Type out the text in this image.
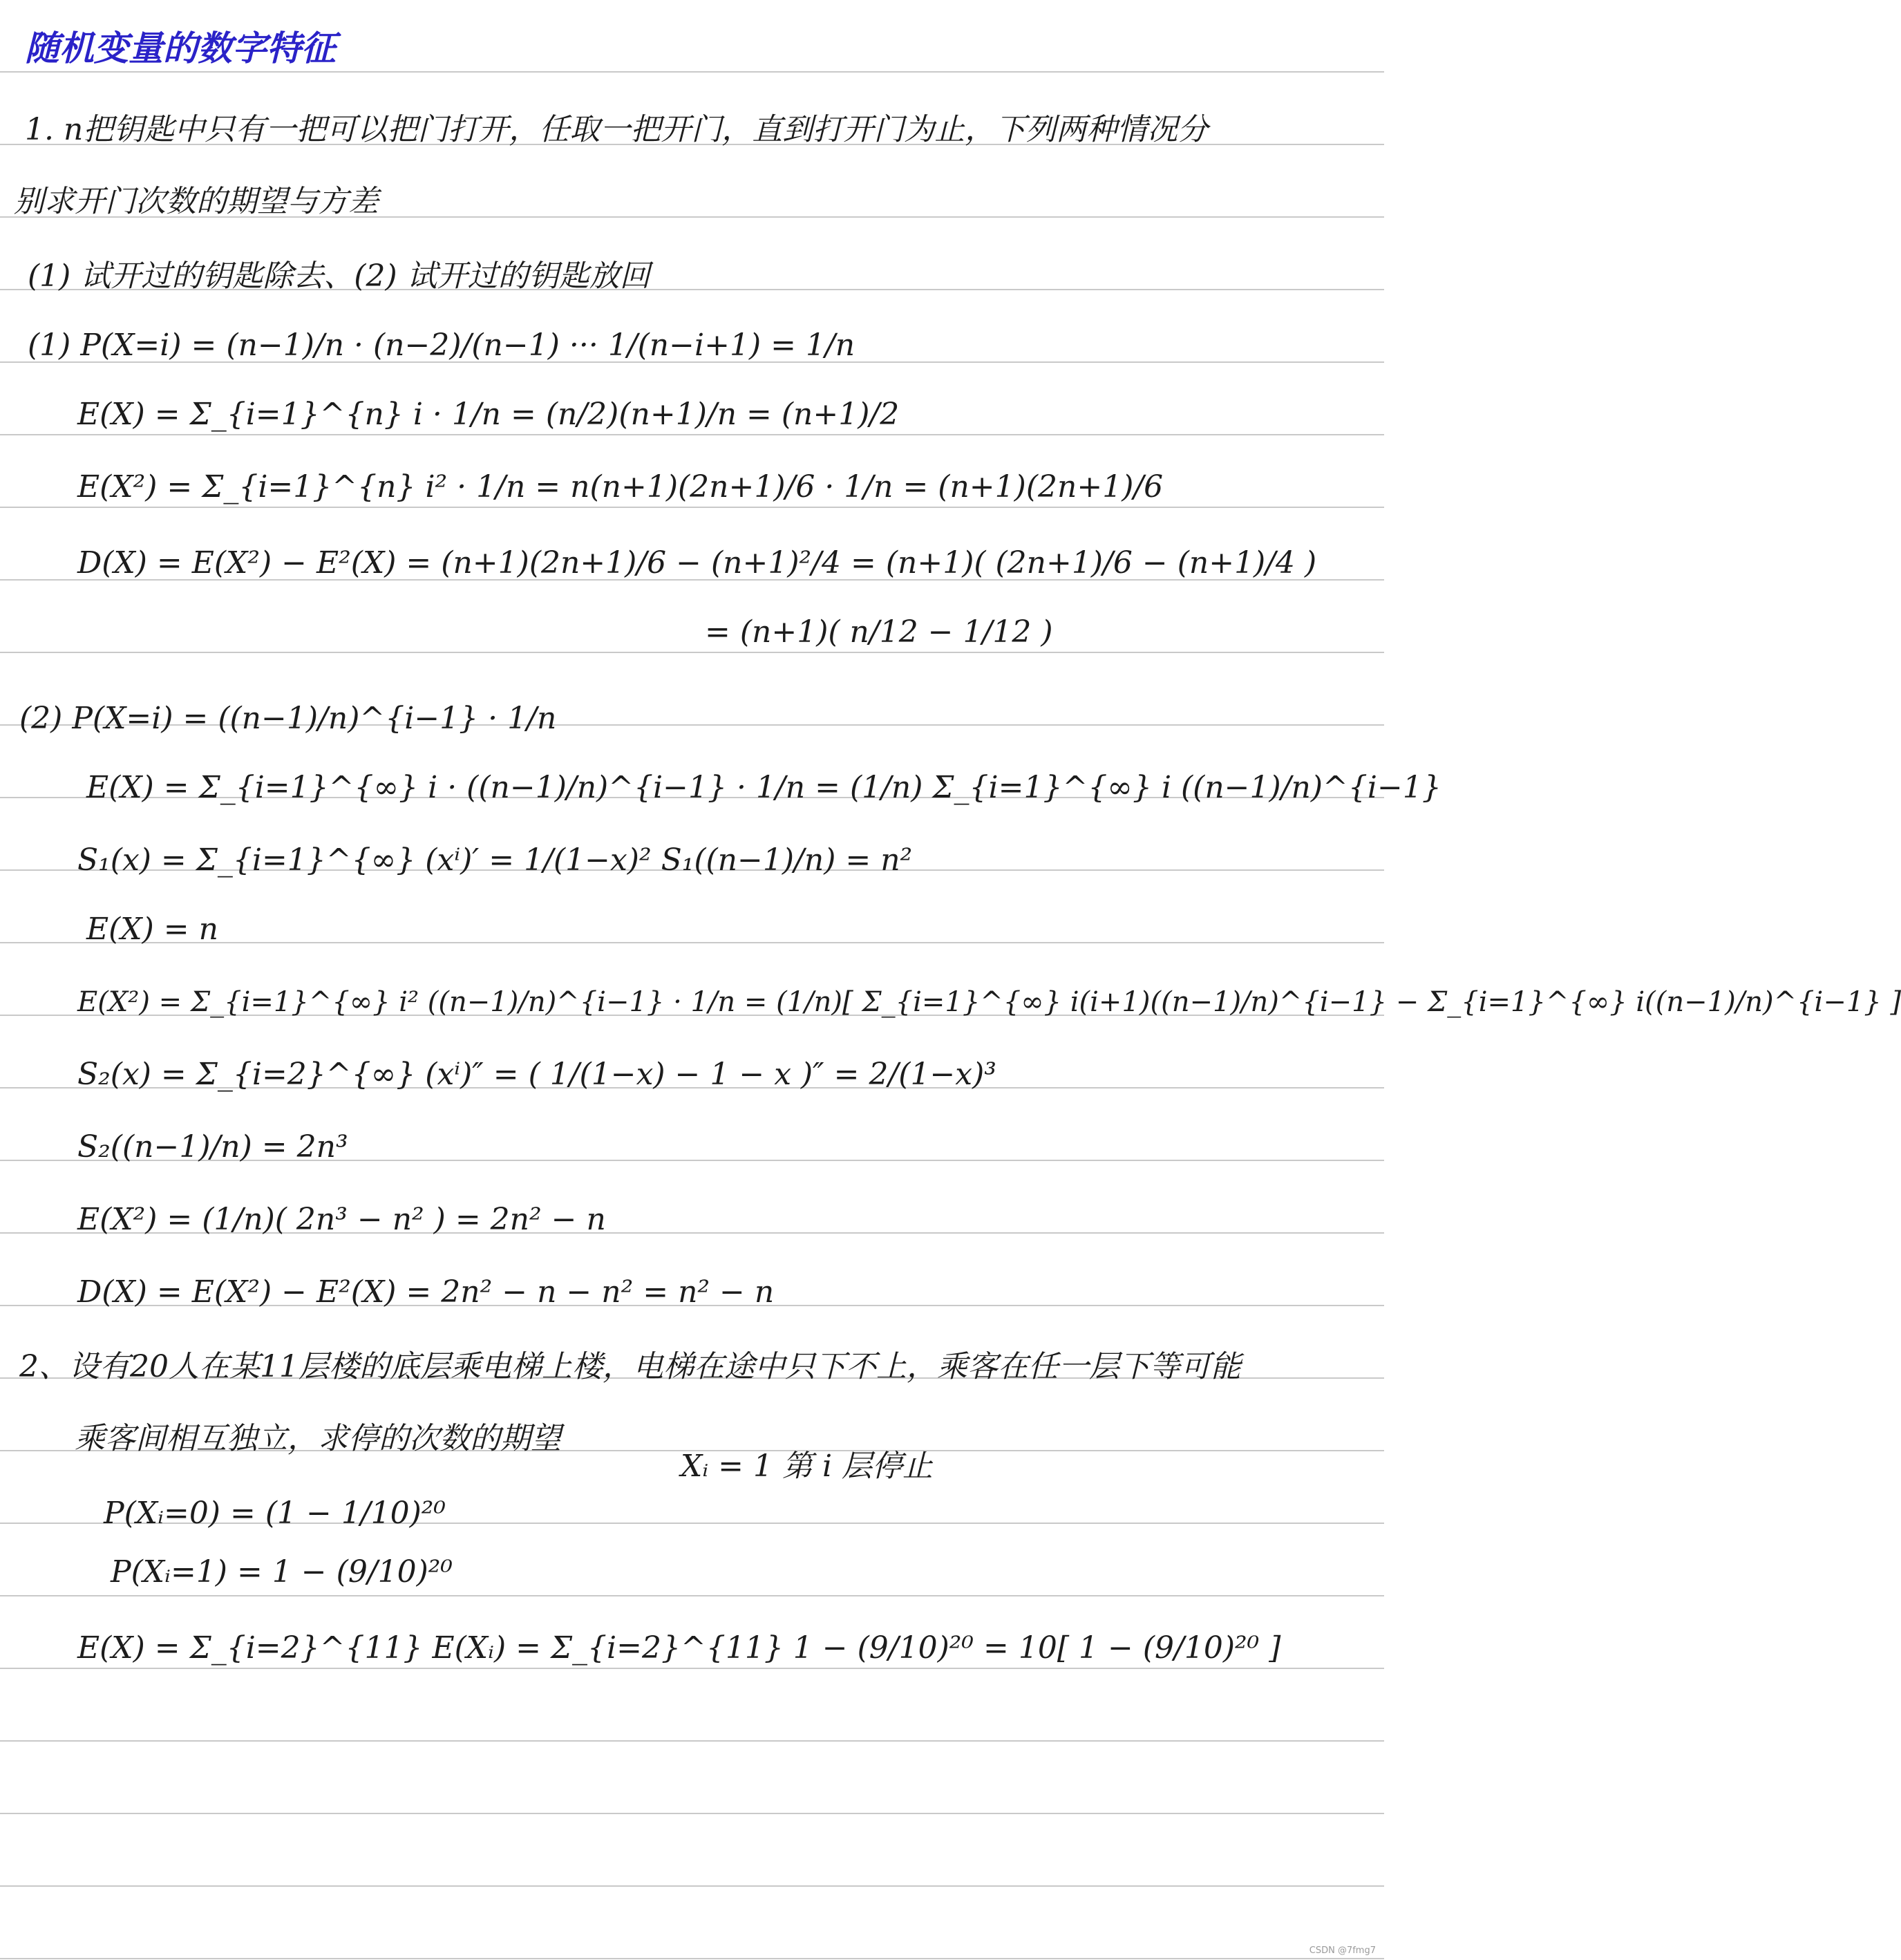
随机变量的数字特征
1. n把钥匙中只有一把可以把门打开，任取一把开门，直到打开门为止，下列两种情况分
别求开门次数的期望与方差
(1) 试开过的钥匙除去、(2) 试开过的钥匙放回
(1) P(X=i) = (n−1)/n · (n−2)/(n−1) ··· 1/(n−i+1) = 1/n
E(X) = Σ_{i=1}^{n} i · 1/n = (n/2)(n+1)/n = (n+1)/2
E(X²) = Σ_{i=1}^{n} i² · 1/n = n(n+1)(2n+1)/6 · 1/n = (n+1)(2n+1)/6
D(X) = E(X²) − E²(X) = (n+1)(2n+1)/6 − (n+1)²/4 = (n+1)( (2n+1)/6 − (n+1)/4 )
= (n+1)( n/12 − 1/12 )
(2) P(X=i) = ((n−1)/n)^{i−1} · 1/n
E(X) = Σ_{i=1}^{∞} i · ((n−1)/n)^{i−1} · 1/n = (1/n) Σ_{i=1}^{∞} i ((n−1)/n)^{i−1}
S₁(x) = Σ_{i=1}^{∞} (xⁱ)′ = 1/(1−x)² S₁((n−1)/n) = n²
E(X) = n
E(X²) = Σ_{i=1}^{∞} i² ((n−1)/n)^{i−1} · 1/n = (1/n)[ Σ_{i=1}^{∞} i(i+1)((n−1)/n)^{i−1} − Σ_{i=1}^{∞} i((n−1)/n)^{i−1} ]
S₂(x) = Σ_{i=2}^{∞} (xⁱ)″ = ( 1/(1−x) − 1 − x )″ = 2/(1−x)³
S₂((n−1)/n) = 2n³
E(X²) = (1/n)( 2n³ − n² ) = 2n² − n
D(X) = E(X²) − E²(X) = 2n² − n − n² = n² − n
2、设有20人在某11层楼的底层乘电梯上楼，电梯在途中只下不上，乘客在任一层下等可能
乘客间相互独立，求停的次数的期望
Xᵢ = 1 第 i 层停止
P(Xᵢ=0) = (1 − 1/10)²⁰
P(Xᵢ=1) = 1 − (9/10)²⁰
E(X) = Σ_{i=2}^{11} E(Xᵢ) = Σ_{i=2}^{11} 1 − (9/10)²⁰ = 10[ 1 − (9/10)²⁰ ]
CSDN @7fmg7
